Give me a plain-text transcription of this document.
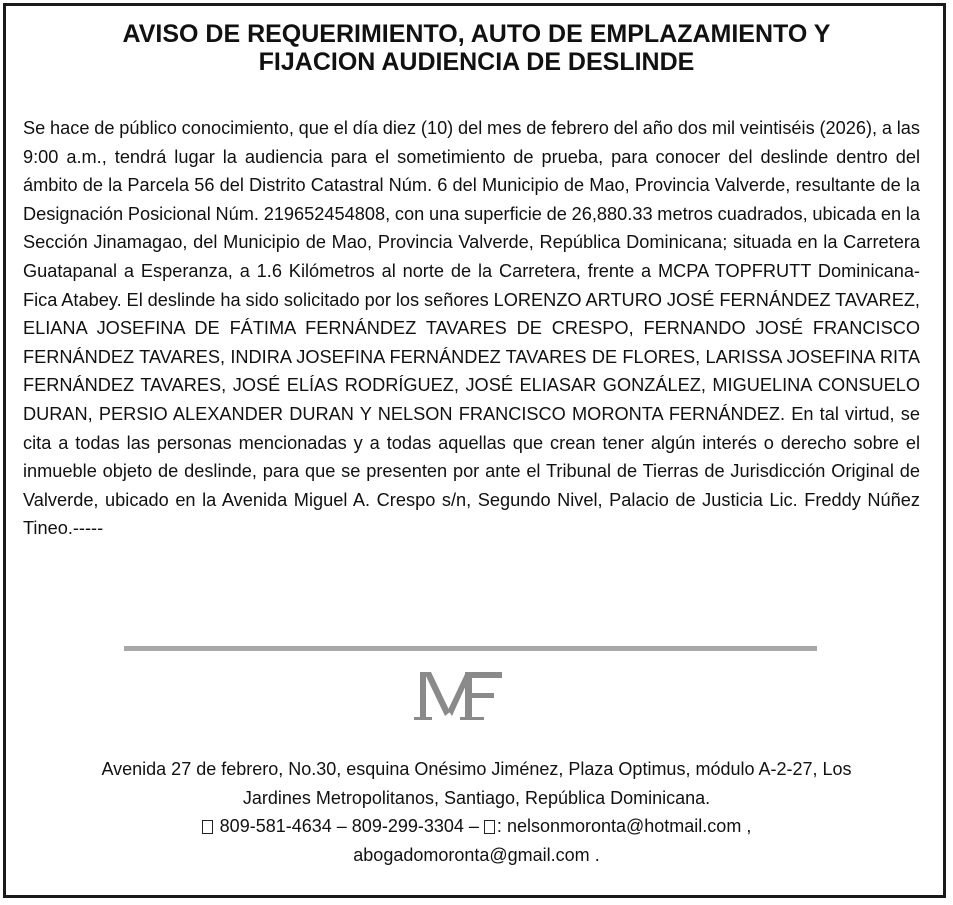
AVISO DE REQUERIMIENTO, AUTO DE EMPLAZAMIENTO Y
FIJACION AUDIENCIA DE DESLINDE

Se hace de público conocimiento, que el día diez (10) del mes de febrero del año dos mil veintiséis (2026), a las 9:00 a.m., tendrá lugar la audiencia para el sometimiento de prueba, para conocer del deslinde dentro del ámbito de la Parcela 56 del Distrito Catastral Núm. 6 del Municipio de Mao, Provincia Valverde, resultante de la Designación Posicional Núm. 219652454808, con una superficie de 26,880.33 metros cuadrados, ubicada en la Sección Jinamagao, del Municipio de Mao, Provincia Valverde, República Dominicana; situada en la Carretera Guatapanal a Esperanza, a 1.6 Kilómetros al norte de la Carretera, frente a MCPA TOPFRUTT Dominicana-Fica Atabey. El deslinde ha sido solicitado por los señores LORENZO ARTURO JOSÉ FERNÁNDEZ TAVAREZ, ELIANA JOSEFINA DE FÁTIMA FERNÁNDEZ TAVARES DE CRESPO, FERNANDO JOSÉ FRANCISCO FERNÁNDEZ TAVARES, INDIRA JOSEFINA FERNÁNDEZ TAVARES DE FLORES, LARISSA JOSEFINA RITA FERNÁNDEZ TAVARES, JOSÉ ELÍAS RODRÍGUEZ, JOSÉ ELIASAR GONZÁLEZ, MIGUELINA CONSUELO DURAN, PERSIO ALEXANDER DURAN Y NELSON FRANCISCO MORONTA FERNÁNDEZ. En tal virtud, se cita a todas las personas mencionadas y a todas aquellas que crean tener algún interés o derecho sobre el inmueble objeto de deslinde, para que se presenten por ante el Tribunal de Tierras de Jurisdicción Original de Valverde, ubicado en la Avenida Miguel A. Crespo s/n, Segundo Nivel, Palacio de Justicia Lic. Freddy Núñez Tineo.-----

Avenida 27 de febrero, No.30, esquina Onésimo Jiménez, Plaza Optimus, módulo A-2-27, Los

Jardines Metropolitanos, Santiago, República Dominicana.

809-581-4634 – 809-299-3304 – : nelsonmoronta@hotmail.com ,

abogadomoronta@gmail.com .
